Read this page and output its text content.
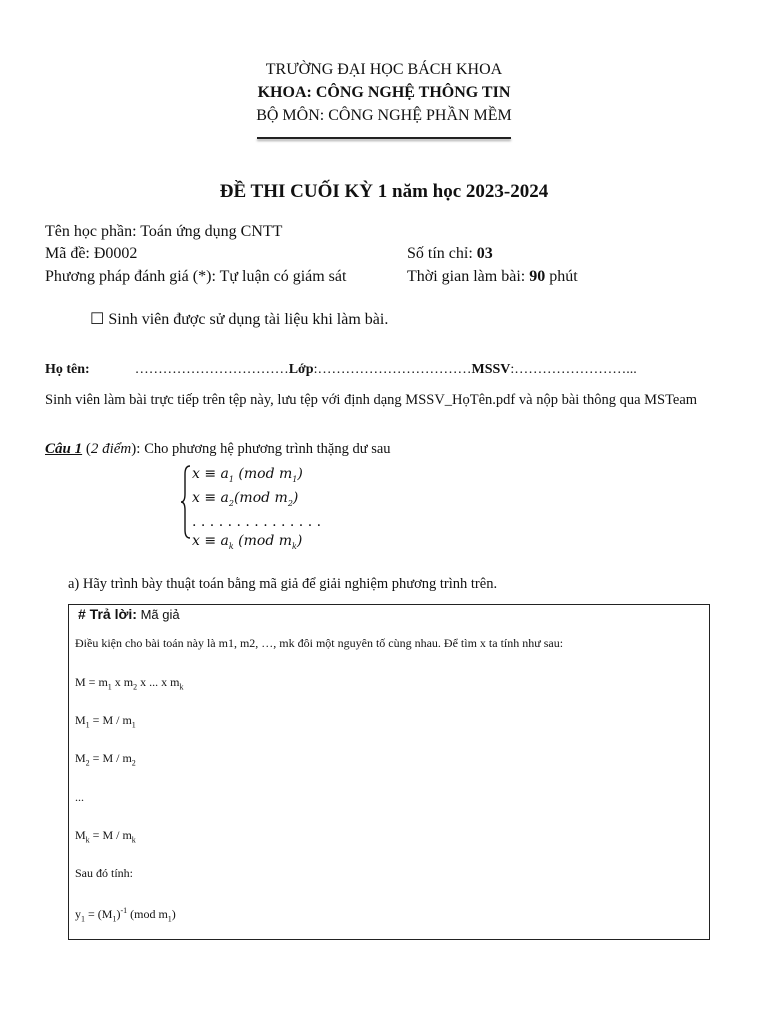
TRƯỜNG ĐẠI HỌC BÁCH KHOA
KHOA: CÔNG NGHỆ THÔNG TIN
BỘ MÔN: CÔNG NGHỆ PHẦN MỀM
ĐỀ THI CUỐI KỲ 1 năm học 2023-2024
Tên học phần: Toán ứng dụng CNTT
Mã đề: Đ0002	Số tín chỉ: 03
Phương pháp đánh giá (*): Tự luận có giám sát	Thời gian làm bài: 90 phút
☐ Sinh viên được sử dụng tài liệu khi làm bài.
Họ tên:	……………………………Lớp:……………………………MSSV:……………………...
Sinh viên làm bài trực tiếp trên tệp này, lưu tệp với định dạng MSSV_HọTên.pdf và nộp bài thông qua MSTeam
Câu 1 (2 điểm): Cho phương hệ phương trình thặng dư sau
$x \equiv a_1$ (mod $m_1$)
$x \equiv a_2(mod$ $m_2$)
. . . . . . . . . . . . . . .
$x \equiv a_k$ (mod $m_k$)
a) Hãy trình bày thuật toán bằng mã giả để giải nghiệm phương trình trên.
# Trả lời: Mã giả
Điều kiện cho bài toán này là m1, m2, …, mk đôi một nguyên tố cùng nhau. Để tìm x ta tính như sau:
$M = m_1$ x $m_2$ x ... x $m_k$
$M_1 = M / m_1$
$M_2 = M / m_2$
...
$M_k = M / m_k$
Sau đó tính:
$y_1 = (M_1)^{-1}$ (mod $m_1$)
